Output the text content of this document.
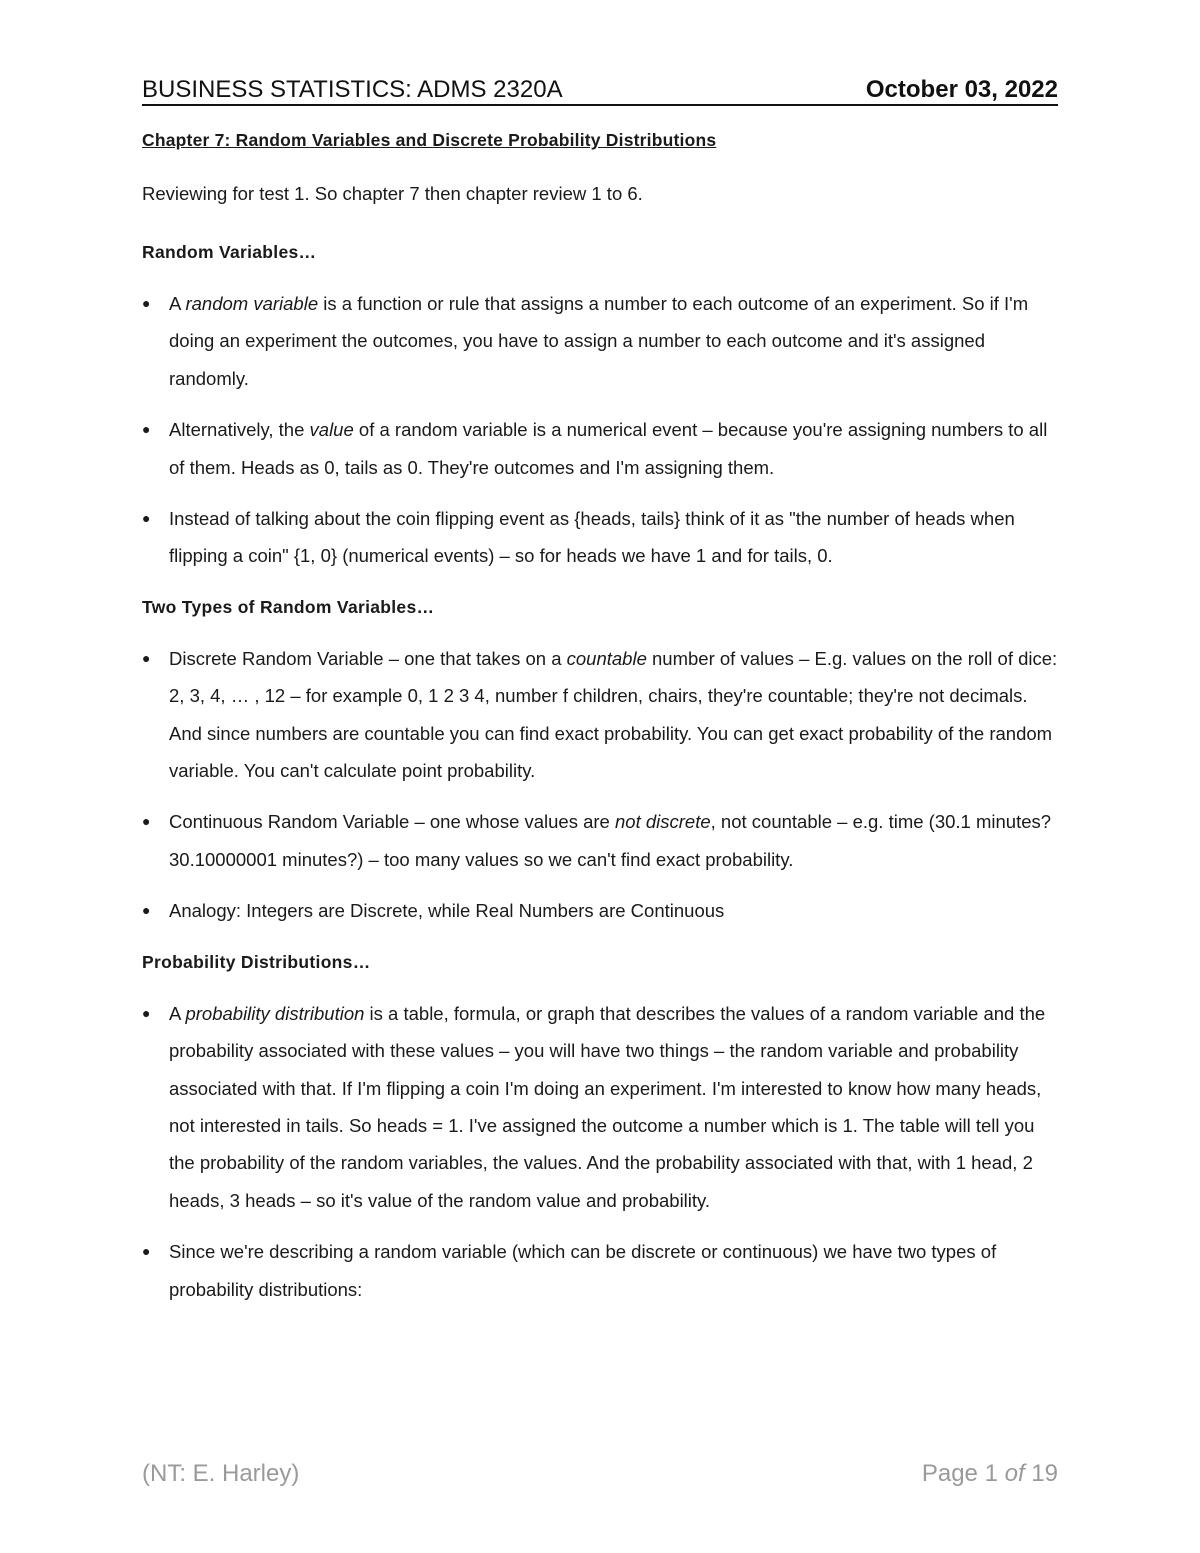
BUSINESS STATISTICS: ADMS 2320A	October 03, 2022
Chapter 7: Random Variables and Discrete Probability Distributions
Reviewing for test 1. So chapter 7 then chapter review 1 to 6.
Random Variables…
● A random variable is a function or rule that assigns a number to each outcome of an experiment. So if I'm doing an experiment the outcomes, you have to assign a number to each outcome and it's assigned randomly.
● Alternatively, the value of a random variable is a numerical event – because you're assigning numbers to all of them. Heads as 0, tails as 0. They're outcomes and I'm assigning them.
● Instead of talking about the coin flipping event as {heads, tails} think of it as "the number of heads when flipping a coin" {1, 0} (numerical events) – so for heads we have 1 and for tails, 0.
Two Types of Random Variables…
● Discrete Random Variable – one that takes on a countable number of values – E.g. values on the roll of dice: 2, 3, 4, … , 12 – for example 0, 1 2 3 4, number f children, chairs, they're countable; they're not decimals. And since numbers are countable you can find exact probability. You can get exact probability of the random variable. You can't calculate point probability.
● Continuous Random Variable – one whose values are not discrete, not countable – e.g. time (30.1 minutes? 30.10000001 minutes?) – too many values so we can't find exact probability.
● Analogy: Integers are Discrete, while Real Numbers are Continuous
Probability Distributions…
● A probability distribution is a table, formula, or graph that describes the values of a random variable and the probability associated with these values – you will have two things – the random variable and probability associated with that. If I'm flipping a coin I'm doing an experiment. I'm interested to know how many heads, not interested in tails. So heads = 1. I've assigned the outcome a number which is 1. The table will tell you the probability of the random variables, the values. And the probability associated with that, with 1 head, 2 heads, 3 heads – so it's value of the random value and probability.
● Since we're describing a random variable (which can be discrete or continuous) we have two types of probability distributions:
(NT: E. Harley)	Page 1 of 19
